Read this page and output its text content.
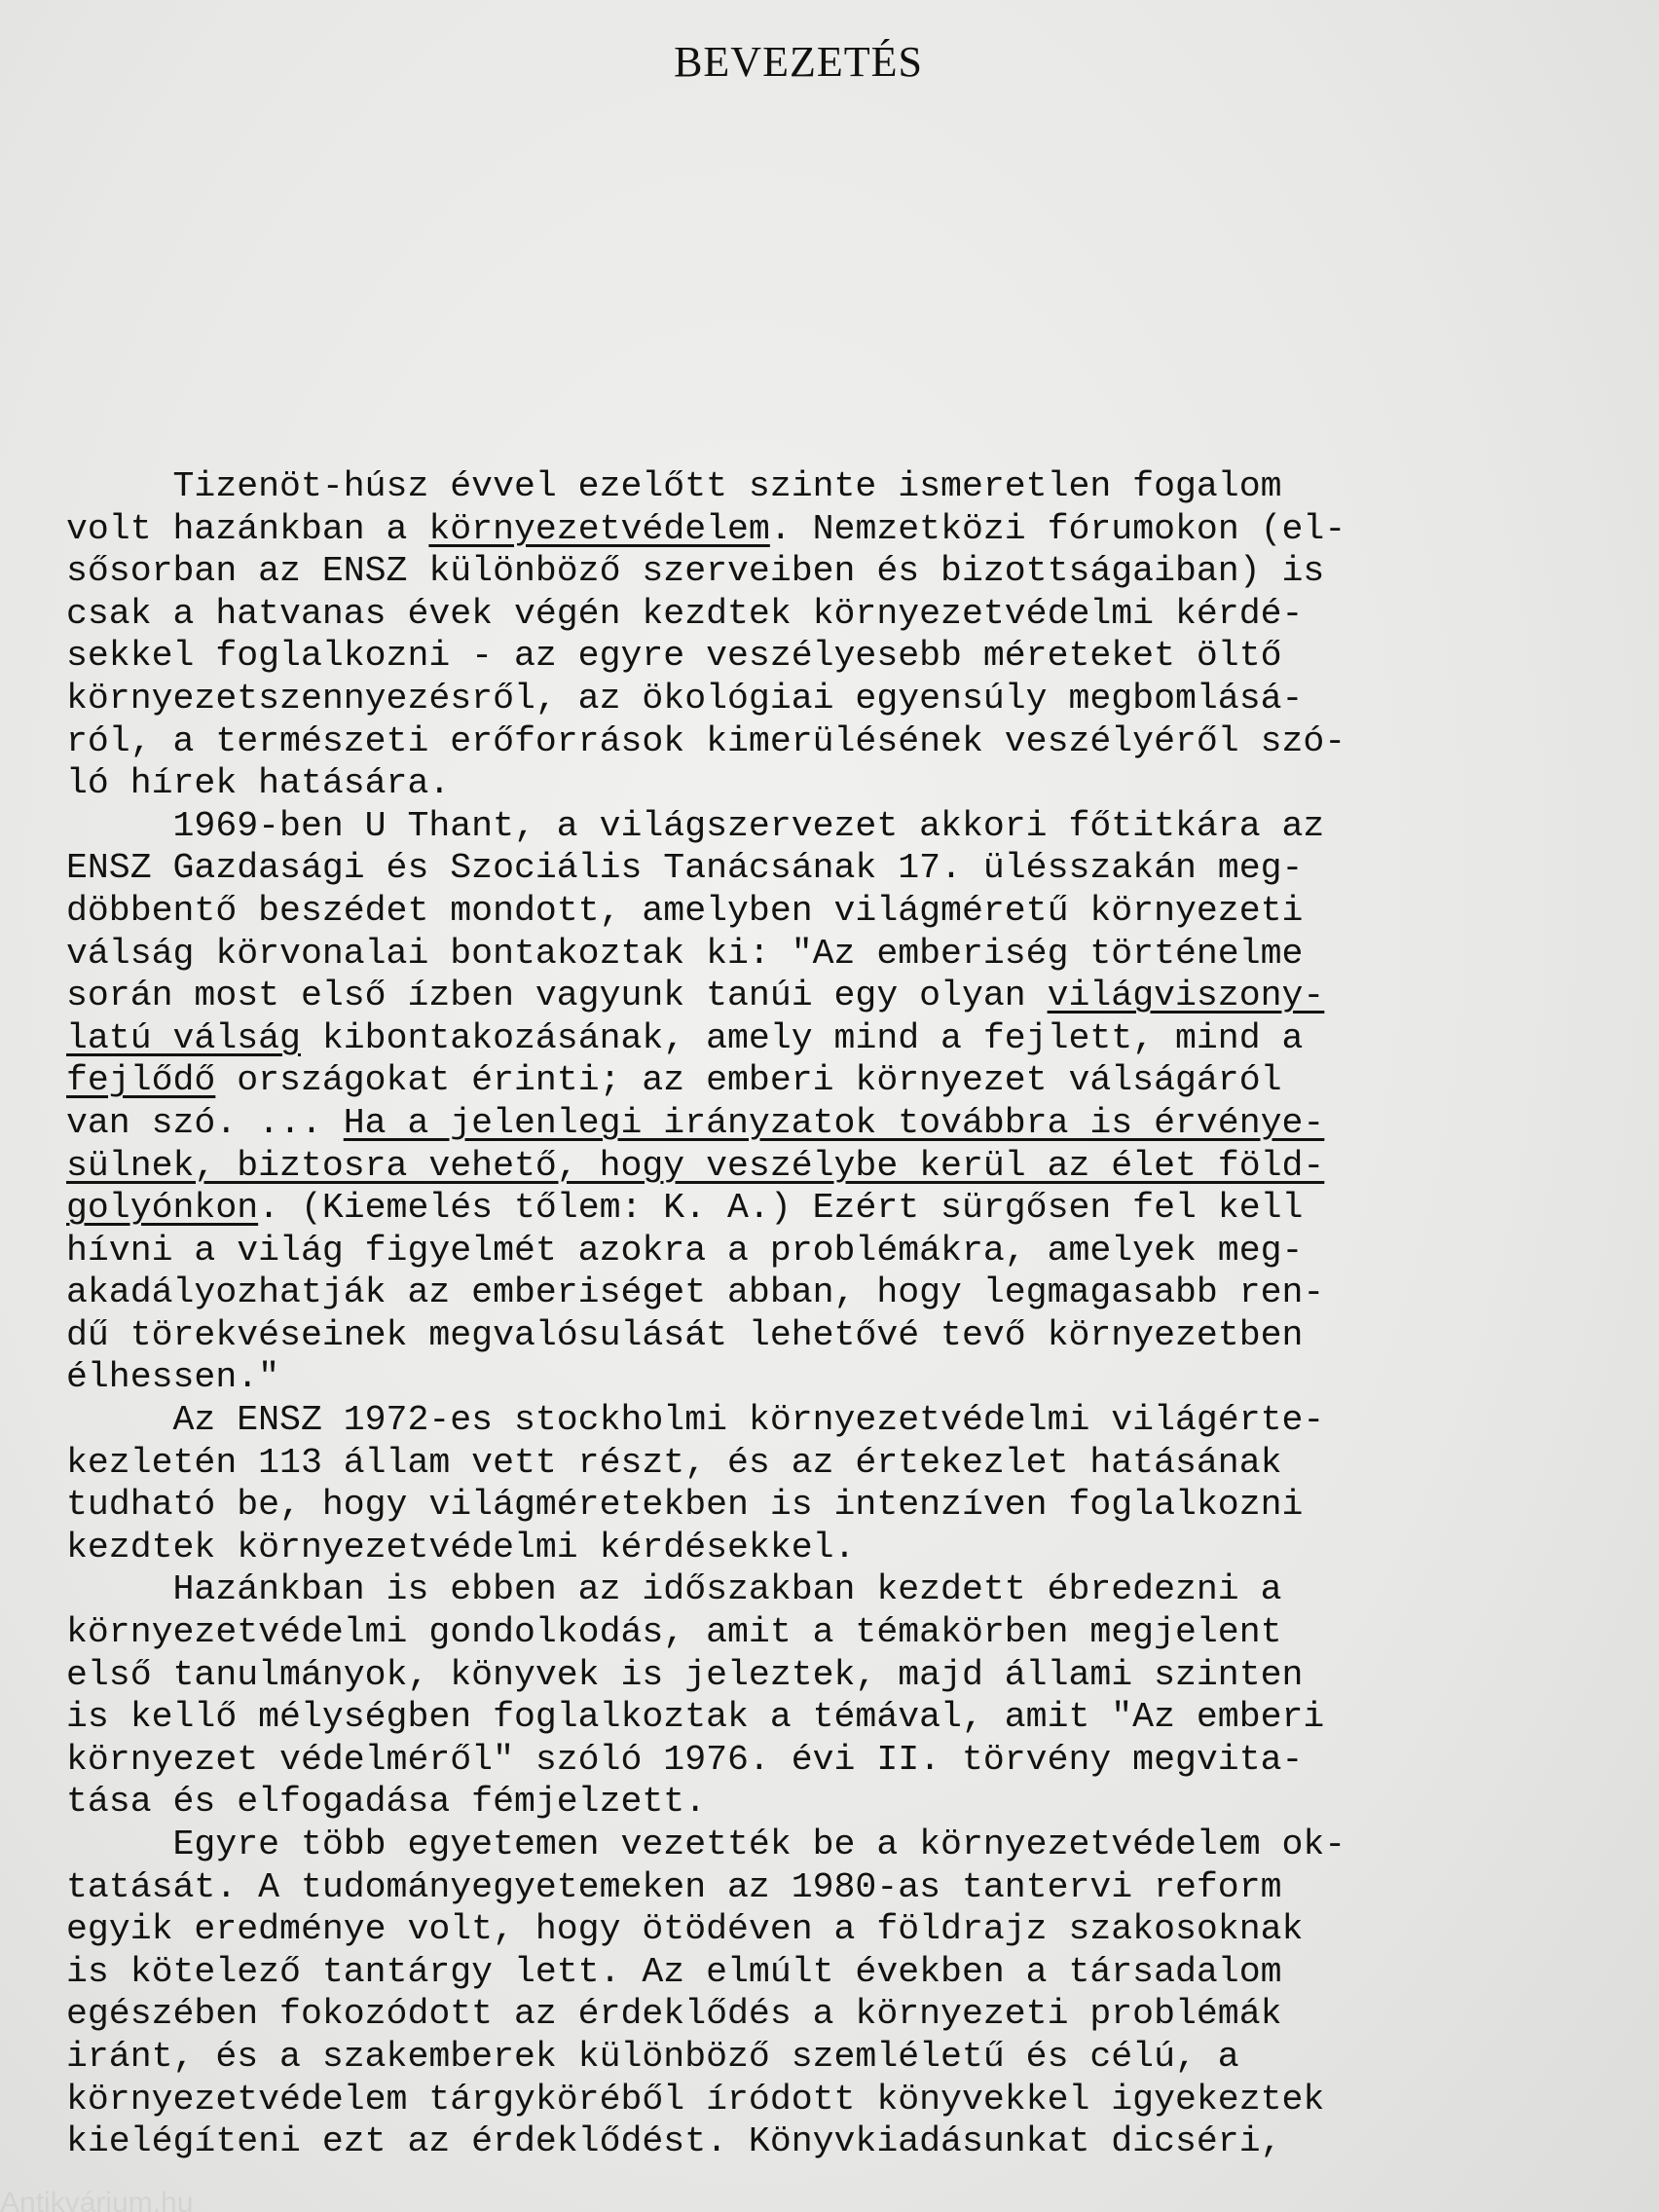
BEVEZETÉS
Tizenöt-húsz évvel ezelőtt szinte ismeretlen fogalom
volt hazánkban a környezetvédelem. Nemzetközi fórumokon (el-
sősorban az ENSZ különböző szerveiben és bizottságaiban) is
csak a hatvanas évek végén kezdtek környezetvédelmi kérdé-
sekkel foglalkozni - az egyre veszélyesebb méreteket öltő
környezetszennyezésről, az ökológiai egyensúly megbomlásá-
ról, a természeti erőforrások kimerülésének veszélyéről szó-
ló hírek hatására.
1969-ben U Thant, a világszervezet akkori főtitkára az
ENSZ Gazdasági és Szociális Tanácsának 17. ülésszakán meg-
döbbentő beszédet mondott, amelyben világméretű környezeti
válság körvonalai bontakoztak ki: "Az emberiség történelme
során most első ízben vagyunk tanúi egy olyan világviszony-
latú válság kibontakozásának, amely mind a fejlett, mind a
fejlődő országokat érinti; az emberi környezet válságáról
van szó. ... Ha a jelenlegi irányzatok továbbra is érvénye-
sülnek, biztosra vehető, hogy veszélybe kerül az élet föld-
golyónkon. (Kiemelés tőlem: K. A.) Ezért sürgősen fel kell
hívni a világ figyelmét azokra a problémákra, amelyek meg-
akadályozhatják az emberiséget abban, hogy legmagasabb ren-
dű törekvéseinek megvalósulását lehetővé tevő környezetben
élhessen."
Az ENSZ 1972-es stockholmi környezetvédelmi világérte-
kezletén 113 állam vett részt, és az értekezlet hatásának
tudható be, hogy világméretekben is intenzíven foglalkozni
kezdtek környezetvédelmi kérdésekkel.
Hazánkban is ebben az időszakban kezdett ébredezni a
környezetvédelmi gondolkodás, amit a témakörben megjelent
első tanulmányok, könyvek is jeleztek, majd állami szinten
is kellő mélységben foglalkoztak a témával, amit "Az emberi
környezet védelméről" szóló 1976. évi II. törvény megvita-
tása és elfogadása fémjelzett.
Egyre több egyetemen vezették be a környezetvédelem ok-
tatását. A tudományegyetemeken az 1980-as tantervi reform
egyik eredménye volt, hogy ötödéven a földrajz szakosoknak
is kötelező tantárgy lett. Az elmúlt években a társadalom
egészében fokozódott az érdeklődés a környezeti problémák
iránt, és a szakemberek különböző szemléletű és célú, a
környezetvédelem tárgyköréből íródott könyvekkel igyekeztek
kielégíteni ezt az érdeklődést. Könyvkiadásunkat dicséri,
Antikvárium.hu
